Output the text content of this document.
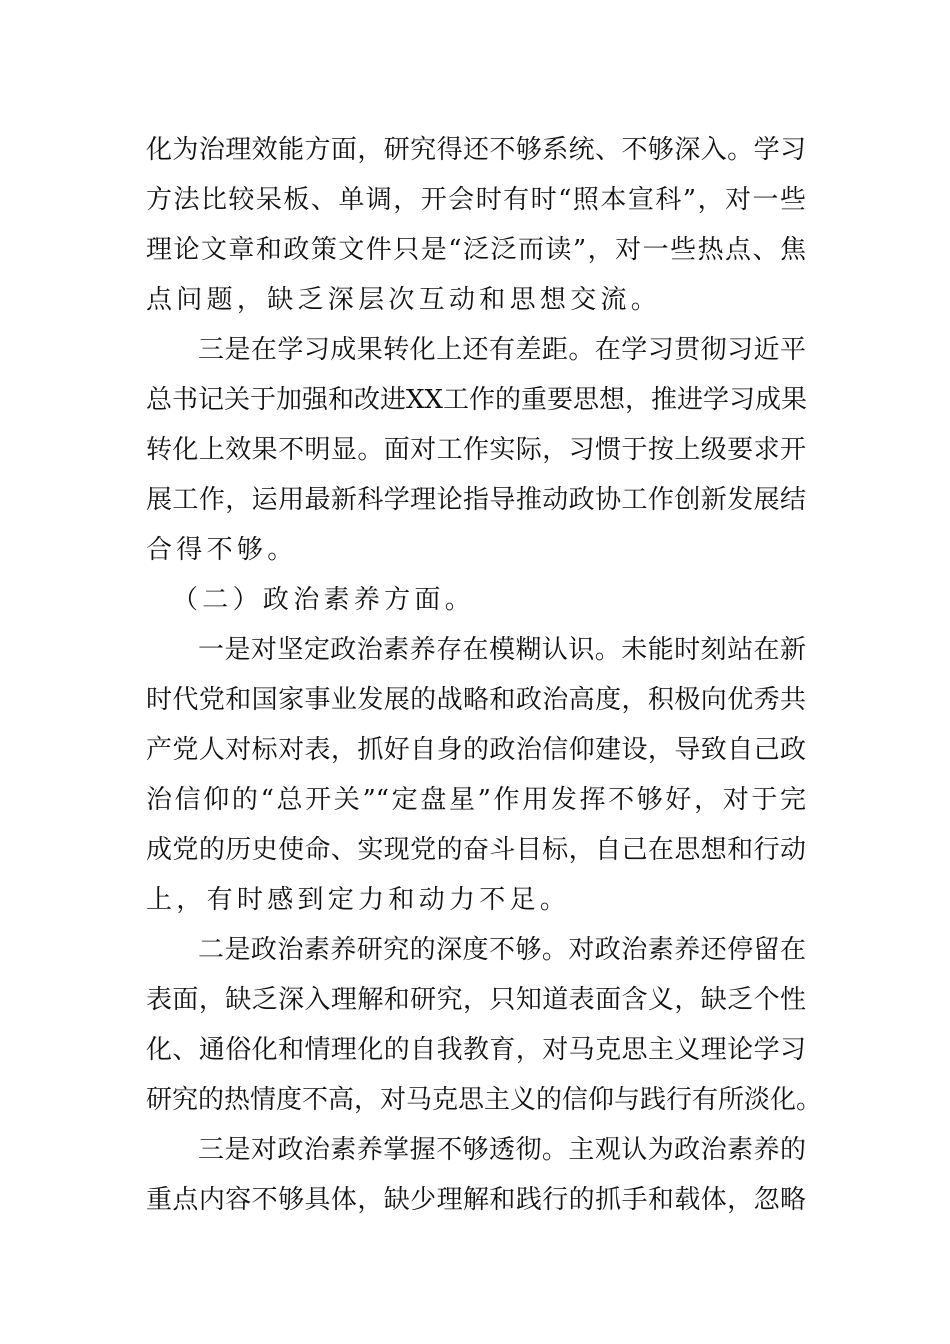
化为治理效能方面，研究得还不够系统、不够深入。学习
方法比较呆板、单调，开会时有时“照本宣科”，对一些
理论文章和政策文件只是“泛泛而读”，对一些热点、焦
点问题，缺乏深层次互动和思想交流。
三是在学习成果转化上还有差距。在学习贯彻习近平
总书记关于加强和改进XX工作的重要思想，推进学习成果
转化上效果不明显。面对工作实际，习惯于按上级要求开
展工作，运用最新科学理论指导推动政协工作创新发展结
合得不够。
（二）政治素养方面。
一是对坚定政治素养存在模糊认识。未能时刻站在新
时代党和国家事业发展的战略和政治高度，积极向优秀共
产党人对标对表，抓好自身的政治信仰建设，导致自己政
治信仰的“总开关”“定盘星”作用发挥不够好，对于完
成党的历史使命、实现党的奋斗目标，自己在思想和行动
上，有时感到定力和动力不足。
二是政治素养研究的深度不够。对政治素养还停留在
表面，缺乏深入理解和研究，只知道表面含义，缺乏个性
化、通俗化和情理化的自我教育，对马克思主义理论学习
研究的热情度不高，对马克思主义的信仰与践行有所淡化。
三是对政治素养掌握不够透彻。主观认为政治素养的
重点内容不够具体，缺少理解和践行的抓手和载体，忽略
